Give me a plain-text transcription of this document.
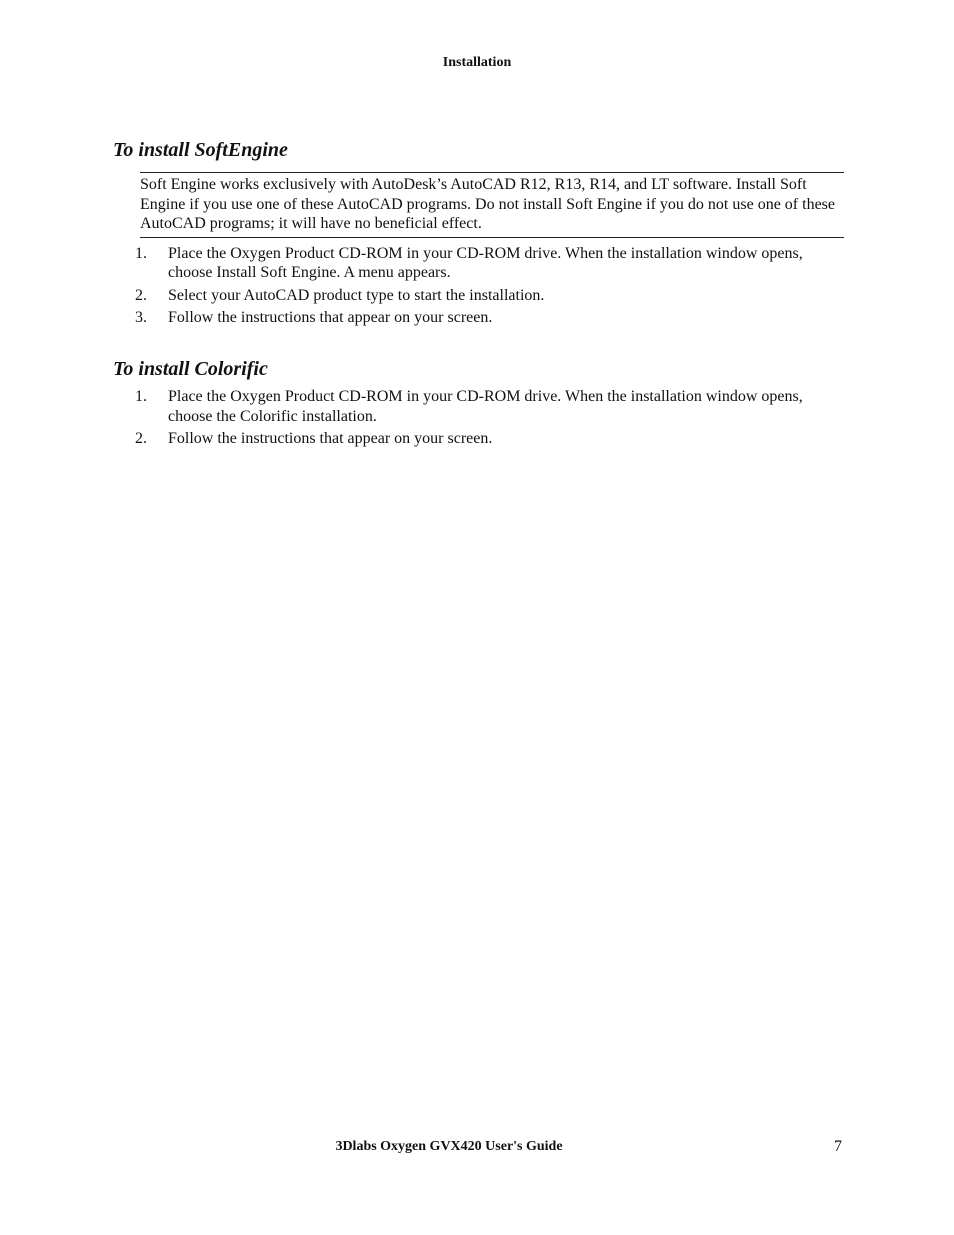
Installation
To install SoftEngine
Soft Engine works exclusively with AutoDesk’s AutoCAD R12, R13, R14, and LT software. Install Soft Engine if you use one of these AutoCAD programs. Do not install Soft Engine if you do not use one of these AutoCAD programs; it will have no beneficial effect.
1. Place the Oxygen Product CD-ROM in your CD-ROM drive. When the installation window opens, choose Install Soft Engine. A menu appears.
2. Select your AutoCAD product type to start the installation.
3. Follow the instructions that appear on your screen.
To install Colorific
1. Place the Oxygen Product CD-ROM in your CD-ROM drive. When the installation window opens, choose the Colorific installation.
2. Follow the instructions that appear on your screen.
3Dlabs Oxygen GVX420 User's Guide	7
